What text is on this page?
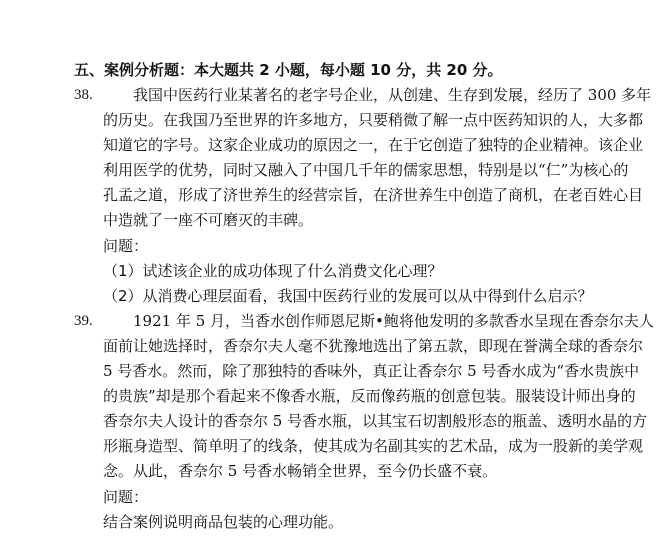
五、案例分析题：本大题共 2 小题，每小题 10 分，共 20 分。
38.	我国中医药行业某著名的老字号企业，从创建、生存到发展，经历了 300 多年
的历史。在我国乃至世界的许多地方，只要稍微了解一点中医药知识的人，大多都
知道它的字号。这家企业成功的原因之一，在于它创造了独特的企业精神。该企业
利用医学的优势，同时又融入了中国几千年的儒家思想，特别是以“仁”为核心的
孔孟之道，形成了济世养生的经营宗旨，在济世养生中创造了商机，在老百姓心目
中造就了一座不可磨灭的丰碑。
问题：
（1）试述该企业的成功体现了什么消费文化心理？
（2）从消费心理层面看，我国中医药行业的发展可以从中得到什么启示？
39.	1921 年 5 月，当香水创作师恩尼斯•鲍将他发明的多款香水呈现在香奈尔夫人
面前让她选择时，香奈尔夫人毫不犹豫地选出了第五款，即现在誉满全球的香奈尔
5 号香水。然而，除了那独特的香味外，真正让香奈尔 5 号香水成为“香水贵族中
的贵族”却是那个看起来不像香水瓶，反而像药瓶的创意包装。服装设计师出身的
香奈尔夫人设计的香奈尔 5 号香水瓶，以其宝石切割般形态的瓶盖、透明水晶的方
形瓶身造型、简单明了的线条，使其成为名副其实的艺术品，成为一股新的美学观
念。从此，香奈尔 5 号香水畅销全世界，至今仍长盛不衰。
问题：
结合案例说明商品包装的心理功能。
